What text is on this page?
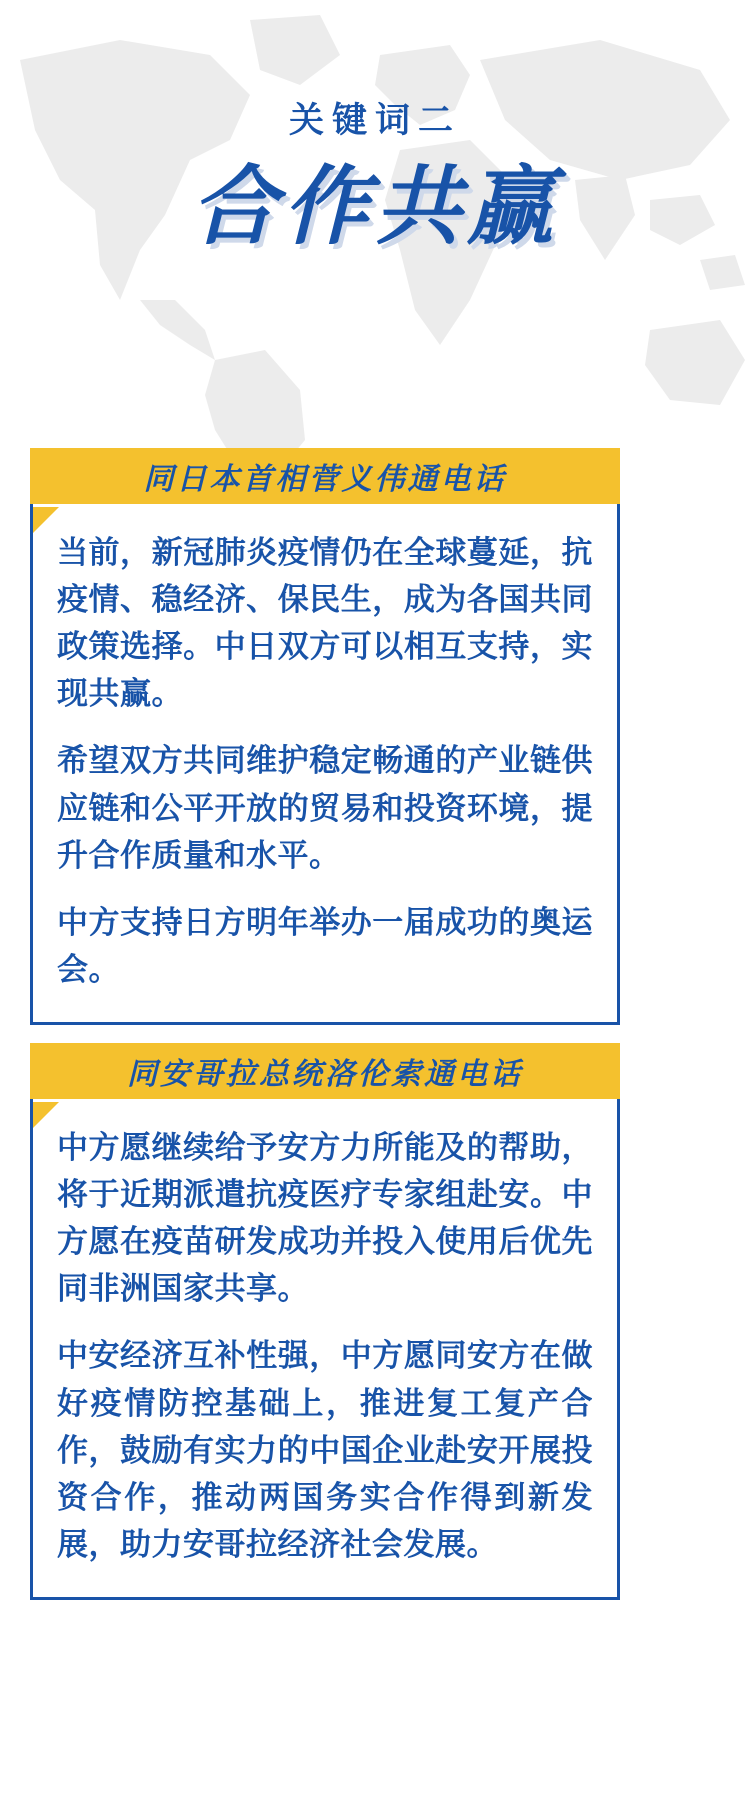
关键词二
合作共赢
同日本首相菅义伟通电话

当前，新冠肺炎疫情仍在全球蔓延，抗疫情、稳经济、保民生，成为各国共同政策选择。中日双方可以相互支持，实现共赢。

希望双方共同维护稳定畅通的产业链供应链和公平开放的贸易和投资环境，提升合作质量和水平。

中方支持日方明年举办一届成功的奥运会。

同安哥拉总统洛伦索通电话

中方愿继续给予安方力所能及的帮助，将于近期派遣抗疫医疗专家组赴安。中方愿在疫苗研发成功并投入使用后优先同非洲国家共享。

中安经济互补性强，中方愿同安方在做好疫情防控基础上，推进复工复产合作，鼓励有实力的中国企业赴安开展投资合作，推动两国务实合作得到新发展，助力安哥拉经济社会发展。
